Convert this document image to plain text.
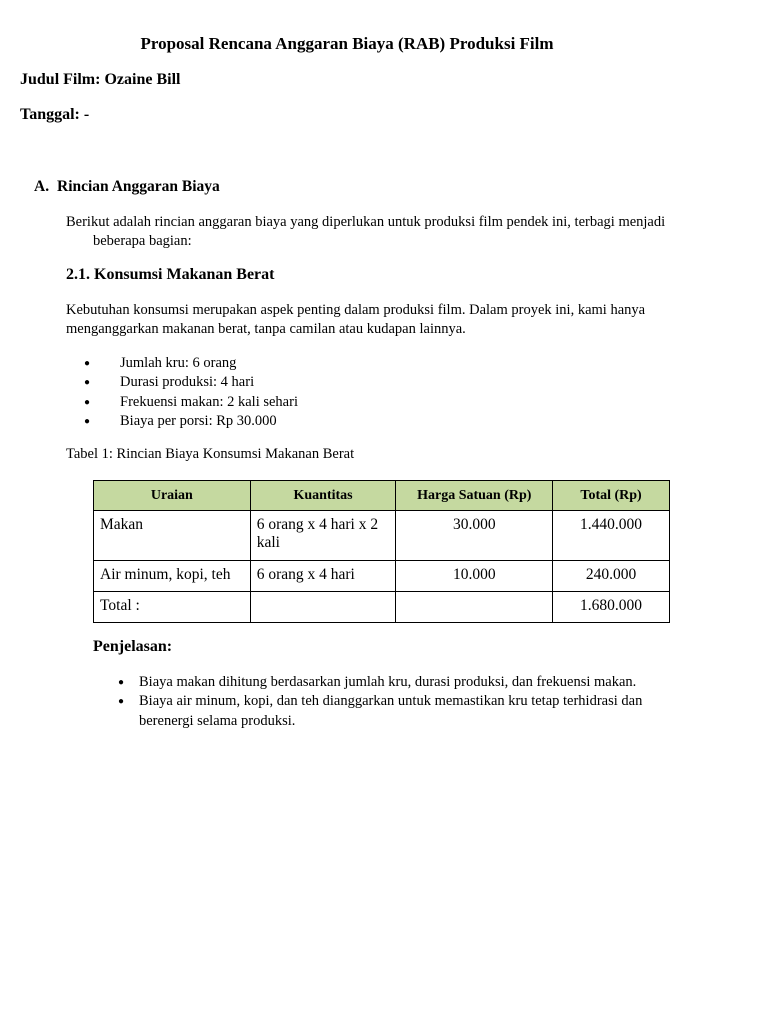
Proposal Rencana Anggaran Biaya (RAB) Produksi Film

Judul Film: Ozaine Bill

Tanggal: -

A. Rincian Anggaran Biaya

Berikut adalah rincian anggaran biaya yang diperlukan untuk produksi film pendek ini, terbagi menjadi beberapa bagian:

2.1. Konsumsi Makanan Berat

Kebutuhan konsumsi merupakan aspek penting dalam produksi film. Dalam proyek ini, kami hanya menganggarkan makanan berat, tanpa camilan atau kudapan lainnya.

● Jumlah kru: 6 orang
● Durasi produksi: 4 hari
● Frekuensi makan: 2 kali sehari
● Biaya per porsi: Rp 30.000

Tabel 1: Rincian Biaya Konsumsi Makanan Berat

Uraian	Kuantitas	Harga Satuan (Rp)	Total (Rp)
Makan	6 orang x 4 hari x 2 kali	30.000	1.440.000
Air minum, kopi, teh	6 orang x 4 hari	10.000	240.000
Total :			1.680.000

Penjelasan:

● Biaya makan dihitung berdasarkan jumlah kru, durasi produksi, dan frekuensi makan.
● Biaya air minum, kopi, dan teh dianggarkan untuk memastikan kru tetap terhidrasi dan berenergi selama produksi.
